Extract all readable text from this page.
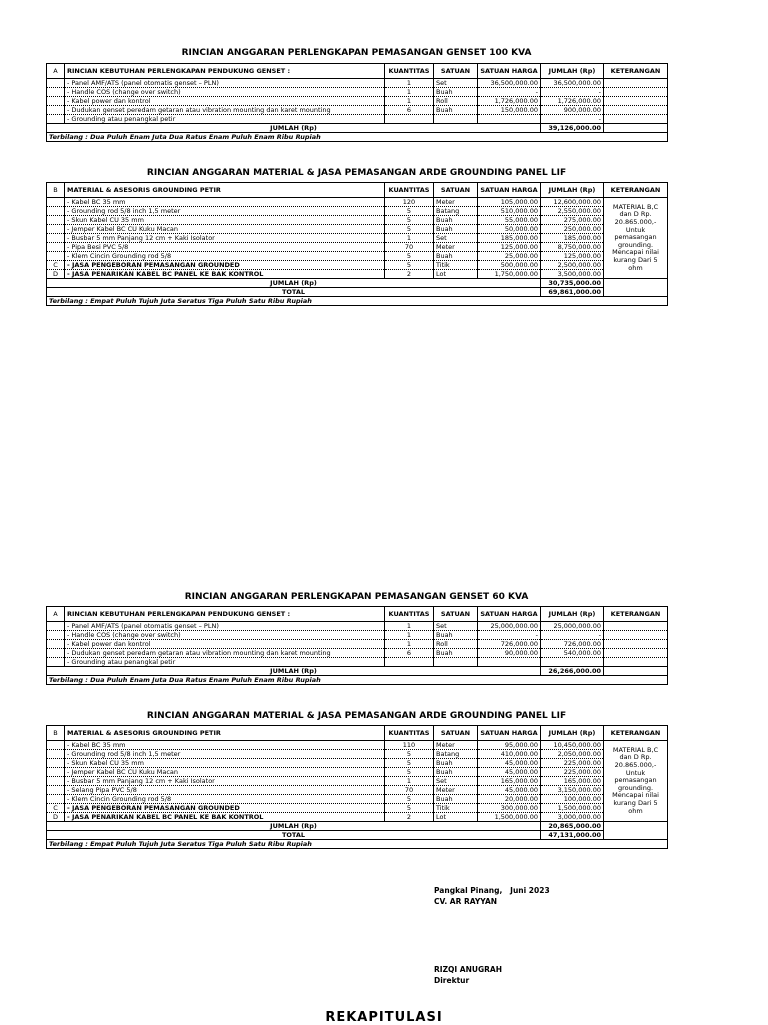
RINCIAN ANGGARAN PERLENGKAPAN PEMASANGAN GENSET 100 KVA
A	RINCIAN KEBUTUHAN PERLENGKAPAN PENDUKUNG GENSET :	KUANTITAS	SATUAN	SATUAN HARGA	JUMLAH (Rp)	KETERANGAN
	- Panel AMF/ATS (panel otomatis genset – PLN)	1	Set	36,500,000.00	36,500,000.00	
	- Handle COS (change over switch)	1	Buah	-	-	
	- Kabel power dan kontrol	1	Roll	1,726,000.00	1,726,000.00	
	- Dudukan genset peredam getaran atau vibration mounting dan karet mounting	6	Buah	150,000.00	900,000.00	
	- Grounding atau penangkal petir				-	
JUMLAH (Rp)					39,126,000.00	
Terbilang : Dua Puluh Enam Juta Dua Ratus Enam Puluh Enam Ribu Rupiah						
RINCIAN ANGGARAN MATERIAL & JASA PEMASANGAN ARDE GROUNDING PANEL LIF
B	MATERIAL & ASESORIS GROUNDING PETIR	KUANTITAS	SATUAN	SATUAN HARGA	JUMLAH (Rp)	KETERANGAN
	- Kabel BC 35 mm	120	Meter	105,000.00	12,600,000.00	MATERIAL B,C dan D Rp. 20.865.000,- Untuk pemasangan grounding. Mencapai nilai kurang Dari 5 ohm
	- Grounding rod 5/8 inch 1,5 meter	5	Batang	510,000.00	2,550,000.00	
	- Skun Kabel CU 35 mm	5	Buah	55,000.00	275,000.00	
	- Jemper Kabel BC CU Kuku Macan	5	Buah	50,000.00	250,000.00	
	- Busbar 5 mm Panjang 12 cm + Kaki Isolator	1	Set	185,000.00	185,000.00	
	- Pipa Besi PVC 5/8	70	Meter	125,000.00	8,750,000.00	
	- Klem Cincin Grounding rod 5/8	5	Buah	25,000.00	125,000.00	
C	- JASA PENGEBORAN PEMASANGAN GROUNDED	5	Titik	500,000.00	2,500,000.00	
D	- JASA PENARIKAN KABEL BC PANEL KE BAK KONTROL	2	Lot	1,750,000.00	3,500,000.00	
JUMLAH (Rp)					30,735,000.00	
TOTAL					69,861,000.00	
Terbilang : Empat Puluh Tujuh Juta Seratus Tiga Puluh Satu Ribu Rupiah						
RINCIAN ANGGARAN PERLENGKAPAN PEMASANGAN GENSET 60 KVA
A	RINCIAN KEBUTUHAN PERLENGKAPAN PENDUKUNG GENSET :	KUANTITAS	SATUAN	SATUAN HARGA	JUMLAH (Rp)	KETERANGAN
	- Panel AMF/ATS (panel otomatis genset – PLN)	1	Set	25,000,000.00	25,000,000.00	
	- Handle COS (change over switch)	1	Buah	-	-	
	- Kabel power dan kontrol	1	Roll	726,000.00	726,000.00	
	- Dudukan genset peredam getaran atau vibration mounting dan karet mounting	6	Buah	90,000.00	540,000.00	
	- Grounding atau penangkal petir					
JUMLAH (Rp)					26,266,000.00	
Terbilang : Dua Puluh Enam Juta Dua Ratus Enam Puluh Enam Ribu Rupiah						
RINCIAN ANGGARAN MATERIAL & JASA PEMASANGAN ARDE GROUNDING PANEL LIF
B	MATERIAL & ASESORIS GROUNDING PETIR	KUANTITAS	SATUAN	SATUAN HARGA	JUMLAH (Rp)	KETERANGAN
	- Kabel BC 35 mm	110	Meter	95,000.00	10,450,000.00	MATERIAL B,C dan D Rp. 20.865.000,- Untuk pemasangan grounding. Mencapai nilai kurang Dari 5 ohm
	- Grounding rod 5/8 inch 1,5 meter	5	Batang	410,000.00	2,050,000.00	
	- Skun Kabel CU 35 mm	5	Buah	45,000.00	225,000.00	
	- Jemper Kabel BC CU Kuku Macan	5	Buah	45,000.00	225,000.00	
	- Busbar 5 mm Panjang 12 cm + Kaki Isolator	1	Set	165,000.00	165,000.00	
	- Selang Pipa PVC 5/8	70	Meter	45,000.00	3,150,000.00	
	- Klem Cincin Grounding rod 5/8	5	Buah	20,000.00	100,000.00	
C	- JASA PENGEBORAN PEMASANGAN GROUNDED	5	Titik	300,000.00	1,500,000.00	
D	- JASA PENARIKAN KABEL BC PANEL KE BAK KONTROL	2	Lot	1,500,000.00	3,000,000.00	
JUMLAH (Rp)					20,865,000.00	
TOTAL					47,131,000.00	
Terbilang : Empat Puluh Tujuh Juta Seratus Tiga Puluh Satu Ribu Rupiah						
Pangkal Pinang,   Juni 2023
CV. AR RAYYAN
RIZQI ANUGRAH
Direktur
REKAPITULASI
